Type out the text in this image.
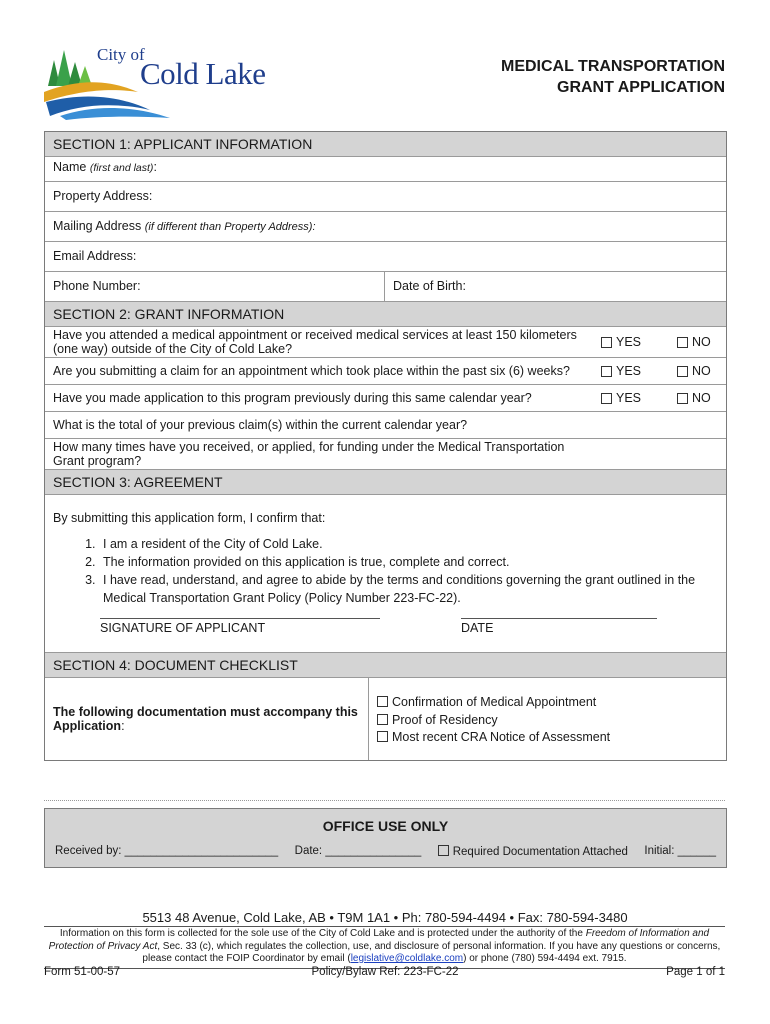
City of
Cold Lake	MEDICAL TRANSPORTATION
GRANT APPLICATION
SECTION 1: APPLICANT INFORMATION
Name (first and last):
Property Address:
Mailing Address (if different than Property Address):
Email Address:
Phone Number:	Date of Birth:
SECTION 2: GRANT INFORMATION
Have you attended a medical appointment or received medical services at least 150 kilometers
(one way) outside of the City of Cold Lake?	YES	NO
Are you submitting a claim for an appointment which took place within the past six (6) weeks?	YES	NO
Have you made application to this program previously during this same calendar year?	YES	NO
What is the total of your previous claim(s) within the current calendar year?
How many times have you received, or applied, for funding under the Medical Transportation
Grant program?
SECTION 3: AGREEMENT
By submitting this application form, I confirm that:
1. I am a resident of the City of Cold Lake.
2. The information provided on this application is true, complete and correct.
3. I have read, understand, and agree to abide by the terms and conditions governing the grant outlined in the
Medical Transportation Grant Policy (Policy Number 223-FC-22).
SIGNATURE OF APPLICANT	DATE
SECTION 4: DOCUMENT CHECKLIST
The following documentation must accompany this Application:
Confirmation of Medical Appointment
Proof of Residency
Most recent CRA Notice of Assessment
OFFICE USE ONLY
Received by: ________________________ Date: _______________	Required Documentation Attached Initial: ______
5513 48 Avenue, Cold Lake, AB • T9M 1A1 • Ph: 780-594-4494 • Fax: 780-594-3480
Information on this form is collected for the sole use of the City of Cold Lake and is protected under the authority of the Freedom of Information and Protection of Privacy Act, Sec. 33 (c), which regulates the collection, use, and disclosure of personal information. If you have any questions or concerns, please contact the FOIP Coordinator by email (legislative@coldlake.com) or phone (780) 594-4494 ext. 7915.
Policy/Bylaw Ref: 223-FC-22
Form 51-00-57	Page 1 of 1
